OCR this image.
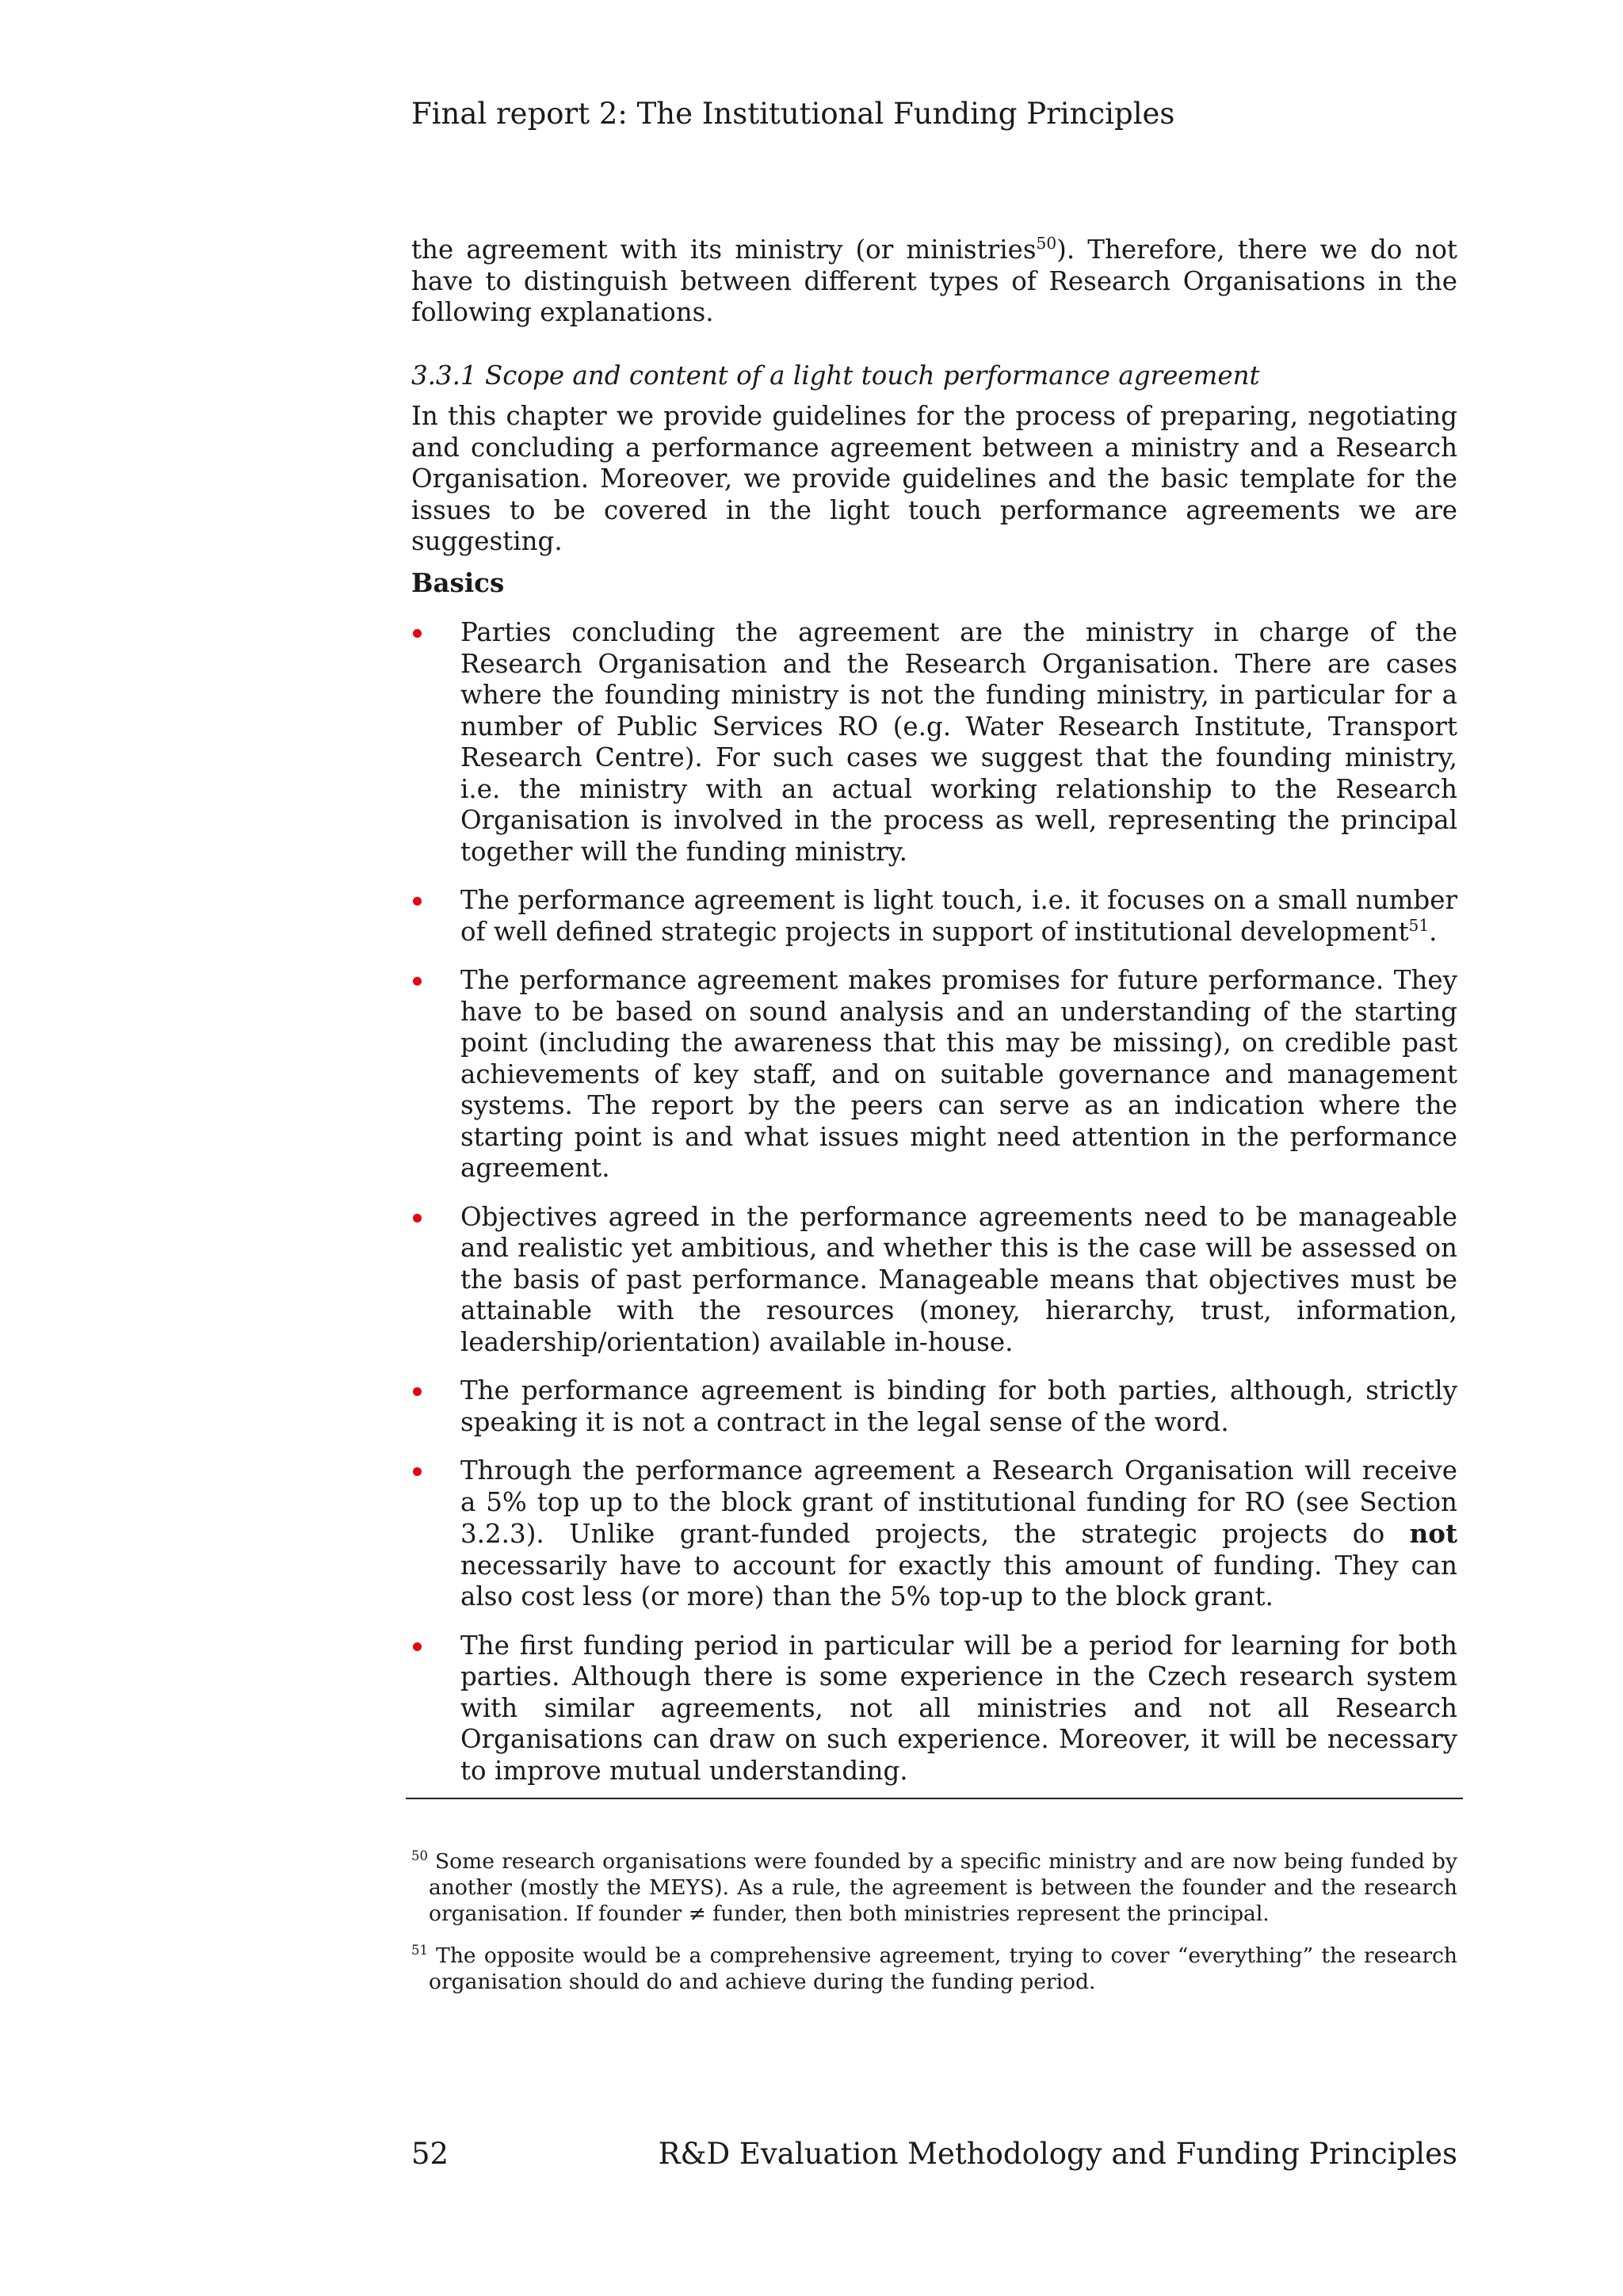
Final report 2: The Institutional Funding Principles

the agreement with its ministry (or ministries$^{50}$). Therefore, there we do not have to distinguish between different types of Research Organisations in the following explanations.

3.3.1 Scope and content of a light touch performance agreement

In this chapter we provide guidelines for the process of preparing, negotiating and concluding a performance agreement between a ministry and a Research Organisation. Moreover, we provide guidelines and the basic template for the issues to be covered in the light touch performance agreements we are suggesting.

Basics

Parties concluding the agreement are the ministry in charge of the Research Organisation and the Research Organisation. There are cases where the founding ministry is not the funding ministry, in particular for a number of Public Services RO (e.g. Water Research Institute, Transport Research Centre). For such cases we suggest that the founding ministry, i.e. the ministry with an actual working relationship to the Research Organisation is involved in the process as well, representing the principal together will the funding ministry.
The performance agreement is light touch, i.e. it focuses on a small number of well defined strategic projects in support of institutional development$^{51}$.
The performance agreement makes promises for future performance. They have to be based on sound analysis and an understanding of the starting point (including the awareness that this may be missing), on credible past achievements of key staff, and on suitable governance and management systems. The report by the peers can serve as an indication where the starting point is and what issues might need attention in the performance agreement.
Objectives agreed in the performance agreements need to be manageable and realistic yet ambitious, and whether this is the case will be assessed on the basis of past performance. Manageable means that objectives must be attainable with the resources (money, hierarchy, trust, information, leadership/orientation) available in-house.
The performance agreement is binding for both parties, although, strictly speaking it is not a contract in the legal sense of the word.
Through the performance agreement a Research Organisation will receive a 5% top up to the block grant of institutional funding for RO (see Section 3.2.3). Unlike grant-funded projects, the strategic projects do not necessarily have to account for exactly this amount of funding. They can also cost less (or more) than the 5% top-up to the block grant.
The first funding period in particular will be a period for learning for both parties. Although there is some experience in the Czech research system with similar agreements, not all ministries and not all Research Organisations can draw on such experience. Moreover, it will be necessary to improve mutual understanding.

$^{50}$ Some research organisations were founded by a specific ministry and are now being funded by another (mostly the MEYS). As a rule, the agreement is between the founder and the research organisation. If founder ≠ funder, then both ministries represent the principal.

$^{51}$ The opposite would be a comprehensive agreement, trying to cover “everything” the research organisation should do and achieve during the funding period.

52	R&D Evaluation Methodology and Funding Principles
